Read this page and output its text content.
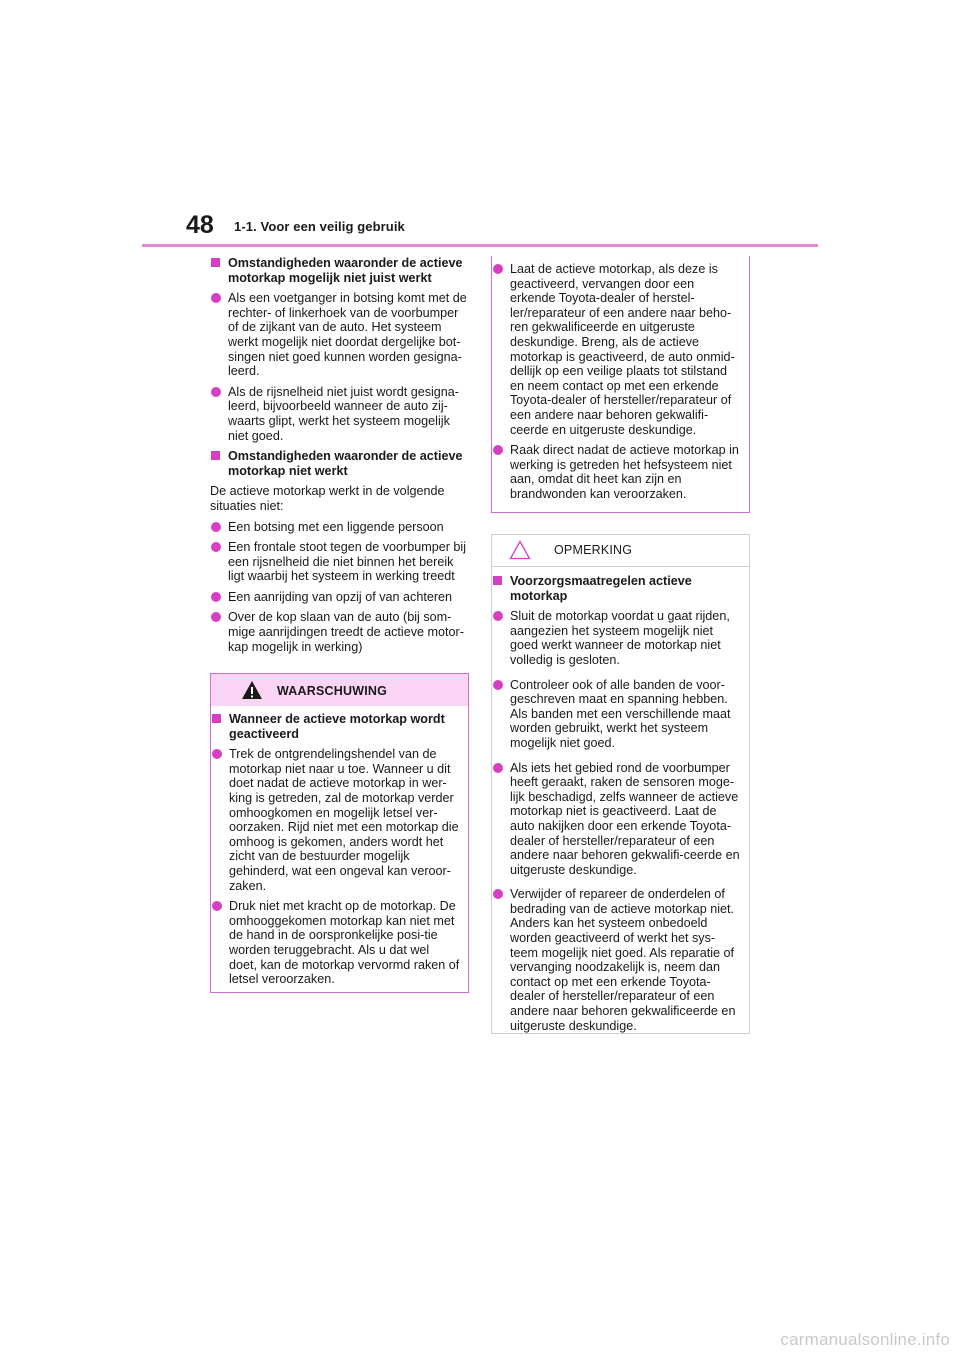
48 1-1. Voor een veilig gebruik
Omstandigheden waaronder de actieve motorkap mogelijk niet juist werkt
Als een voetganger in botsing komt met de rechter- of linkerhoek van de voorbumper of de zijkant van de auto. Het systeem werkt mogelijk niet doordat dergelijke bot-singen niet goed kunnen worden gesigna-leerd.
Als de rijsnelheid niet juist wordt gesigna-leerd, bijvoorbeeld wanneer de auto zij-waarts glipt, werkt het systeem mogelijk niet goed.
Omstandigheden waaronder de actieve motorkap niet werkt
De actieve motorkap werkt in de volgende situaties niet:
Een botsing met een liggende persoon
Een frontale stoot tegen de voorbumper bij een rijsnelheid die niet binnen het bereik ligt waarbij het systeem in werking treedt
Een aanrijding van opzij of van achteren
Over de kop slaan van de auto (bij som-mige aanrijdingen treedt de actieve motor-kap mogelijk in werking)
WAARSCHUWING
Wanneer de actieve motorkap wordt geactiveerd
Trek de ontgrendelingshendel van de motorkap niet naar u toe. Wanneer u dit doet nadat de actieve motorkap in wer-king is getreden, zal de motorkap verder omhoogkomen en mogelijk letsel ver-oorzaken. Rijd niet met een motorkap die omhoog is gekomen, anders wordt het zicht van de bestuurder mogelijk gehinderd, wat een ongeval kan veroor-zaken.
Druk niet met kracht op de motorkap. De omhooggekomen motorkap kan niet met de hand in de oorspronkelijke posi-tie worden teruggebracht. Als u dat wel doet, kan de motorkap vervormd raken of letsel veroorzaken.
Laat de actieve motorkap, als deze is geactiveerd, vervangen door een erkende Toyota-dealer of herstel-ler/reparateur of een andere naar beho-ren gekwalificeerde en uitgeruste deskundige. Breng, als de actieve motorkap is geactiveerd, de auto onmid-dellijk op een veilige plaats tot stilstand en neem contact op met een erkende Toyota-dealer of hersteller/reparateur of een andere naar behoren gekwalifi-ceerde en uitgeruste deskundige.
Raak direct nadat de actieve motorkap in werking is getreden het hefsysteem niet aan, omdat dit heet kan zijn en brandwonden kan veroorzaken.
OPMERKING
Voorzorgsmaatregelen actieve motorkap
Sluit de motorkap voordat u gaat rijden, aangezien het systeem mogelijk niet goed werkt wanneer de motorkap niet volledig is gesloten.
Controleer ook of alle banden de voor-geschreven maat en spanning hebben. Als banden met een verschillende maat worden gebruikt, werkt het systeem mogelijk niet goed.
Als iets het gebied rond de voorbumper heeft geraakt, raken de sensoren moge-lijk beschadigd, zelfs wanneer de actieve motorkap niet is geactiveerd. Laat de auto nakijken door een erkende Toyota-dealer of hersteller/reparateur of een andere naar behoren gekwalifi-ceerde en uitgeruste deskundige.
Verwijder of repareer de onderdelen of bedrading van de actieve motorkap niet. Anders kan het systeem onbedoeld worden geactiveerd of werkt het sys-teem mogelijk niet goed. Als reparatie of vervanging noodzakelijk is, neem dan contact op met een erkende Toyota-dealer of hersteller/reparateur of een andere naar behoren gekwalificeerde en uitgeruste deskundige.
carmanualsonline.info
